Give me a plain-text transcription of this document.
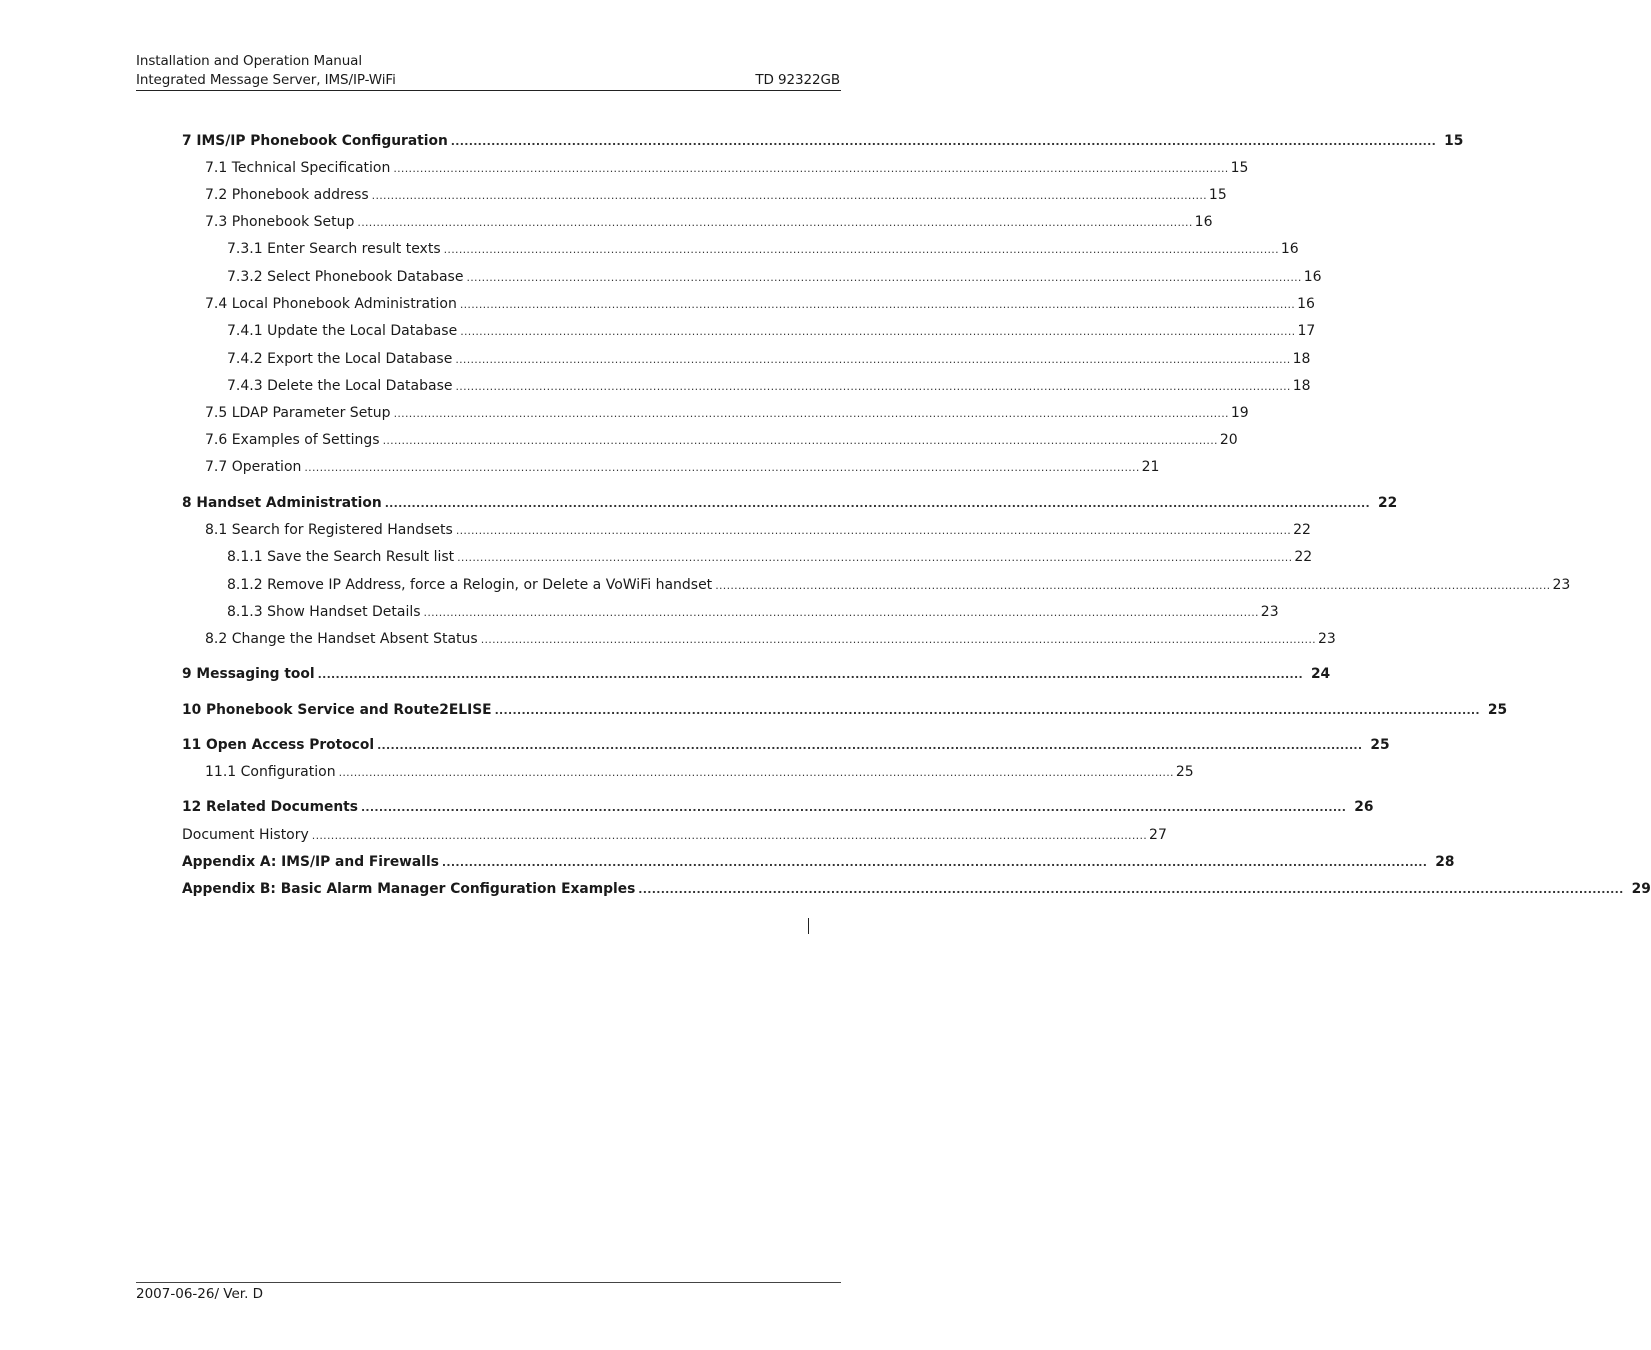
Installation and Operation Manual
Integrated Message Server, IMS/IP-WiFi	TD 92322GB
7 IMS/IP Phonebook Configuration ............................................................................................................................................................................................................................ 15
7.1 Technical Specification ............................................................................................................................................................................................................................ 15
7.2 Phonebook address ............................................................................................................................................................................................................................ 15
7.3 Phonebook Setup ............................................................................................................................................................................................................................ 16
7.3.1 Enter Search result texts ............................................................................................................................................................................................................................ 16
7.3.2 Select Phonebook Database ............................................................................................................................................................................................................................ 16
7.4 Local Phonebook Administration ............................................................................................................................................................................................................................ 16
7.4.1 Update the Local Database ............................................................................................................................................................................................................................ 17
7.4.2 Export the Local Database ............................................................................................................................................................................................................................ 18
7.4.3 Delete the Local Database ............................................................................................................................................................................................................................ 18
7.5 LDAP Parameter Setup ............................................................................................................................................................................................................................ 19
7.6 Examples of Settings ............................................................................................................................................................................................................................ 20
7.7 Operation ............................................................................................................................................................................................................................ 21
8 Handset Administration ............................................................................................................................................................................................................................ 22
8.1 Search for Registered Handsets ............................................................................................................................................................................................................................ 22
8.1.1 Save the Search Result list ............................................................................................................................................................................................................................ 22
8.1.2 Remove IP Address, force a Relogin, or Delete a VoWiFi handset ............................................................................................................................................................................................................................ 23
8.1.3 Show Handset Details ............................................................................................................................................................................................................................ 23
8.2 Change the Handset Absent Status ............................................................................................................................................................................................................................ 23
9 Messaging tool ............................................................................................................................................................................................................................ 24
10 Phonebook Service and Route2ELISE ............................................................................................................................................................................................................................ 25
11 Open Access Protocol ............................................................................................................................................................................................................................ 25
11.1 Configuration ............................................................................................................................................................................................................................ 25
12 Related Documents ............................................................................................................................................................................................................................ 26
Document History ............................................................................................................................................................................................................................ 27
Appendix A: IMS/IP and Firewalls ............................................................................................................................................................................................................................ 28
Appendix B: Basic Alarm Manager Configuration Examples ............................................................................................................................................................................................................................ 29
2007-06-26/ Ver. D
